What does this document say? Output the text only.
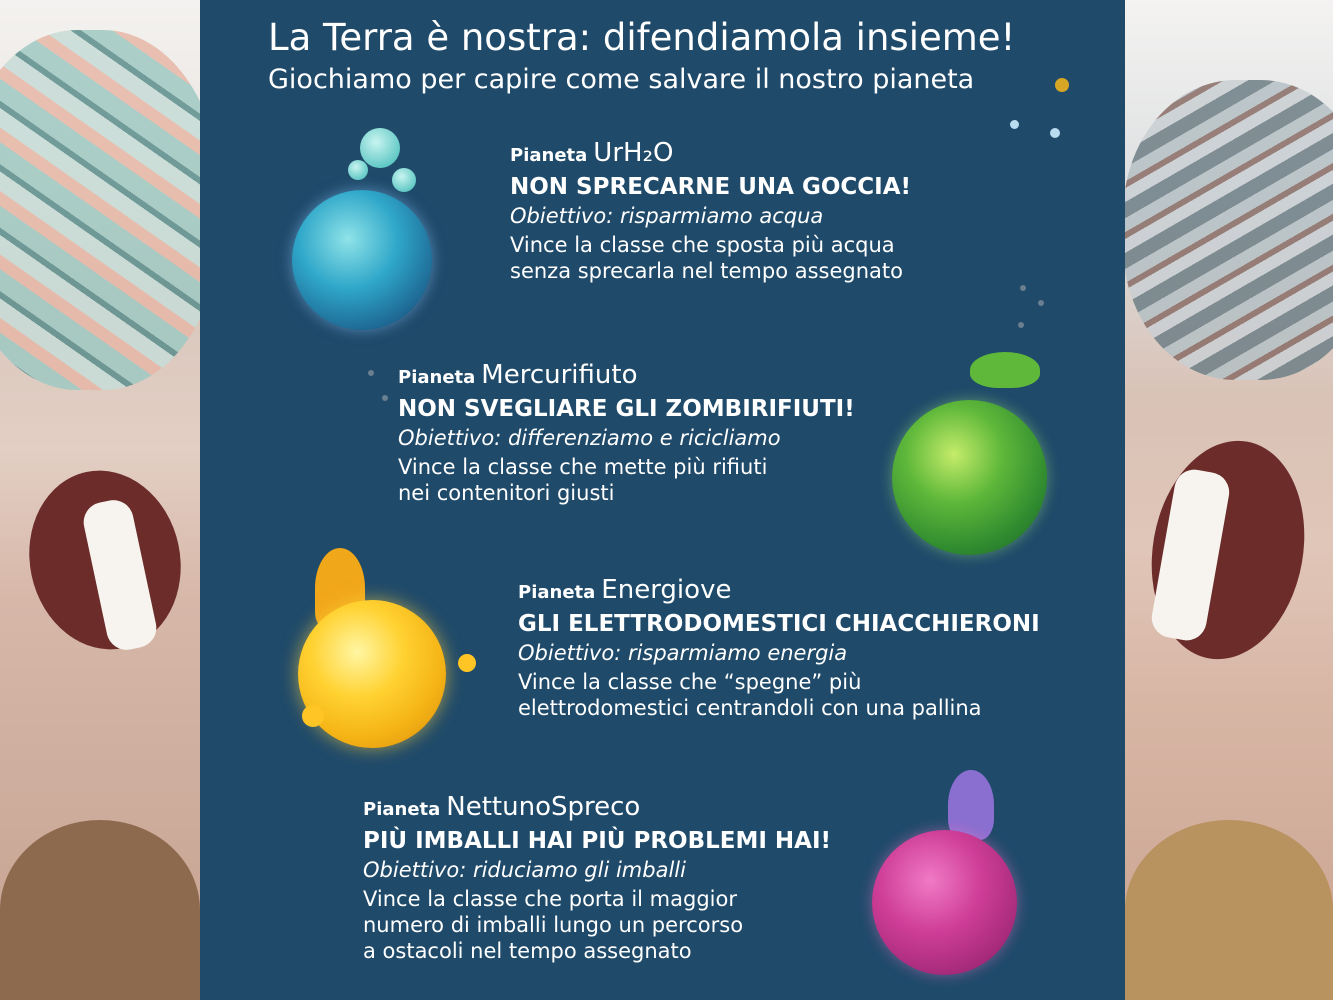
La Terra è nostra: difendiamola insieme!
Giochiamo per capire come salvare il nostro pianeta
Pianeta UrH₂O
NON SPRECARNE UNA GOCCIA!
Obiettivo: risparmiamo acqua
Vince la classe che sposta più acqua
senza sprecarla nel tempo assegnato
Pianeta Mercurifiuto
NON SVEGLIARE GLI ZOMBIRIFIUTI!
Obiettivo: differenziamo e ricicliamo
Vince la classe che mette più rifiuti
nei contenitori giusti
Pianeta Energiove
GLI ELETTRODOMESTICI CHIACCHIERONI
Obiettivo: risparmiamo energia
Vince la classe che “spegne” più
elettrodomestici centrandoli con una pallina
Pianeta NettunoSpreco
PIÙ IMBALLI HAI PIÙ PROBLEMI HAI!
Obiettivo: riduciamo gli imballi
Vince la classe che porta il maggior
numero di imballi lungo un percorso
a ostacoli nel tempo assegnato
